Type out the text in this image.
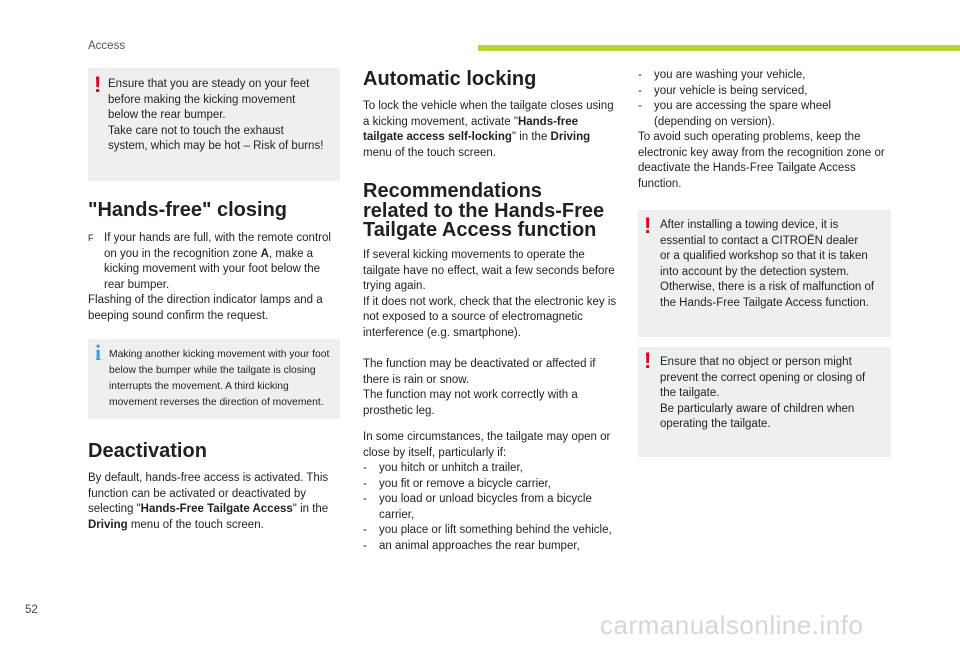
Access
! Ensure that you are steady on your feet
before making the kicking movement
below the rear bumper.
Take care not to touch the exhaust
system, which may be hot – Risk of burns!
"Hands-free" closing
F If your hands are full, with the remote control on you in the recognition zone A, make a kicking movement with your foot below the rear bumper.

Flashing of the direction indicator lamps and a beeping sound confirm the request.

i Making another kicking movement with your foot below the bumper while the tailgate is closing interrupts the movement. A third kicking movement reverses the direction of movement.
Deactivation

By default, hands-free access is activated. This function can be activated or deactivated by selecting "Hands-Free Tailgate Access" in the Driving menu of the touch screen.

Automatic locking

To lock the vehicle when the tailgate closes using a kicking movement, activate "Hands-free tailgate access self-locking" in the Driving menu of the touch screen.

Recommendations related to the Hands-Free Tailgate Access function

If several kicking movements to operate the tailgate have no effect, wait a few seconds before trying again.

If it does not work, check that the electronic key is not exposed to a source of electromagnetic interference (e.g. smartphone).

The function may be deactivated or affected if there is rain or snow.

The function may not work correctly with a prosthetic leg.

In some circumstances, the tailgate may open or close by itself, particularly if:

- you hitch or unhitch a trailer,
- you fit or remove a bicycle carrier,
- you load or unload bicycles from a bicycle carrier,
- you place or lift something behind the vehicle,
- an animal approaches the rear bumper,
- you are washing your vehicle,
- your vehicle is being serviced,
- you are accessing the spare wheel (depending on version).

To avoid such operating problems, keep the electronic key away from the recognition zone or deactivate the Hands-Free Tailgate Access function.

! After installing a towing device, it is
essential to contact a CITROËN dealer
or a qualified workshop so that it is taken
into account by the detection system.
Otherwise, there is a risk of malfunction of
the Hands-Free Tailgate Access function.
! Ensure that no object or person might
prevent the correct opening or closing of
the tailgate.
Be particularly aware of children when
operating the tailgate.
52	carmanualsonline.info
